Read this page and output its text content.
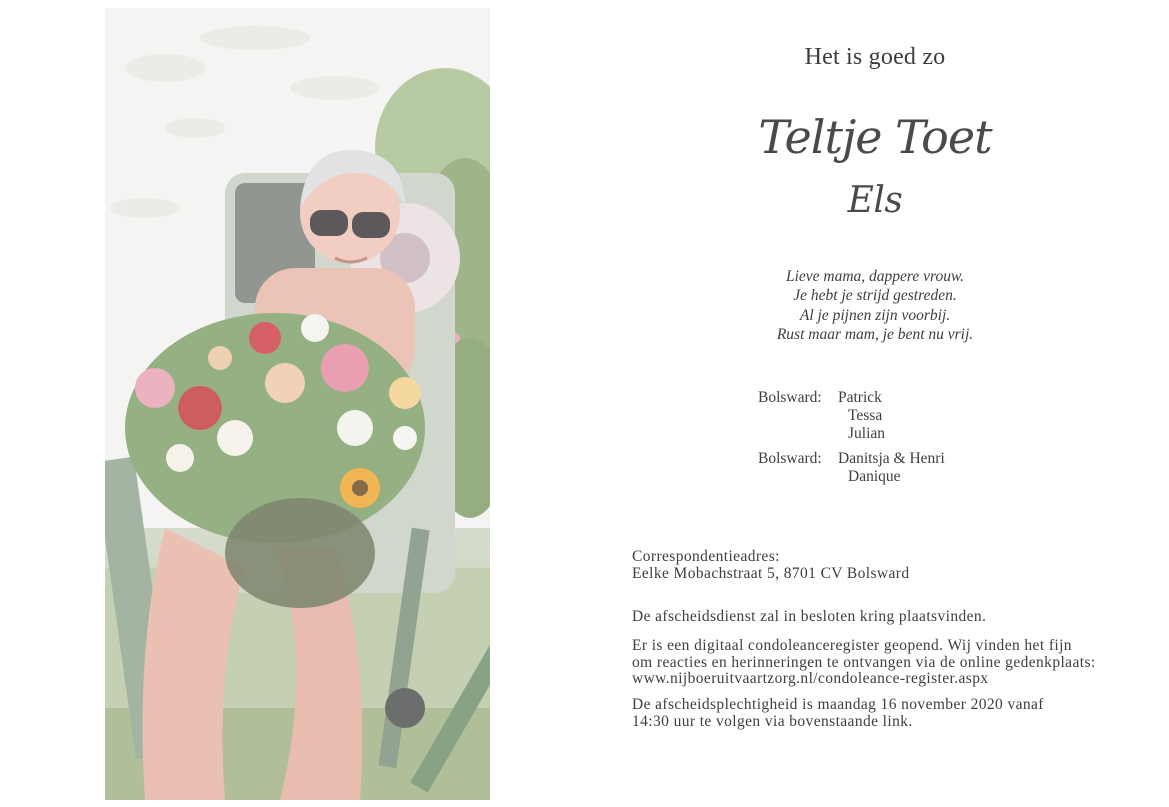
Het is goed zo
Teltje Toet
Els
Lieve mama, dappere vrouw.
Je hebt je strijd gestreden.
Al je pijnen zijn voorbij.
Rust maar mam, je bent nu vrij.
Bolsward:	Patrick
Tessa
Julian
Bolsward:	Danitsja & Henri
Danique
Correspondentieadres:
Eelke Mobachstraat 5, 8701 CV Bolsward
De afscheidsdienst zal in besloten kring plaatsvinden.
Er is een digitaal condoleanceregister geopend. Wij vinden het fijn
om reacties en herinneringen te ontvangen via de online gedenkplaats:
www.nijboeruitvaartzorg.nl/condoleance-register.aspx
De afscheidsplechtigheid is maandag 16 november 2020 vanaf
14:30 uur te volgen via bovenstaande link.
